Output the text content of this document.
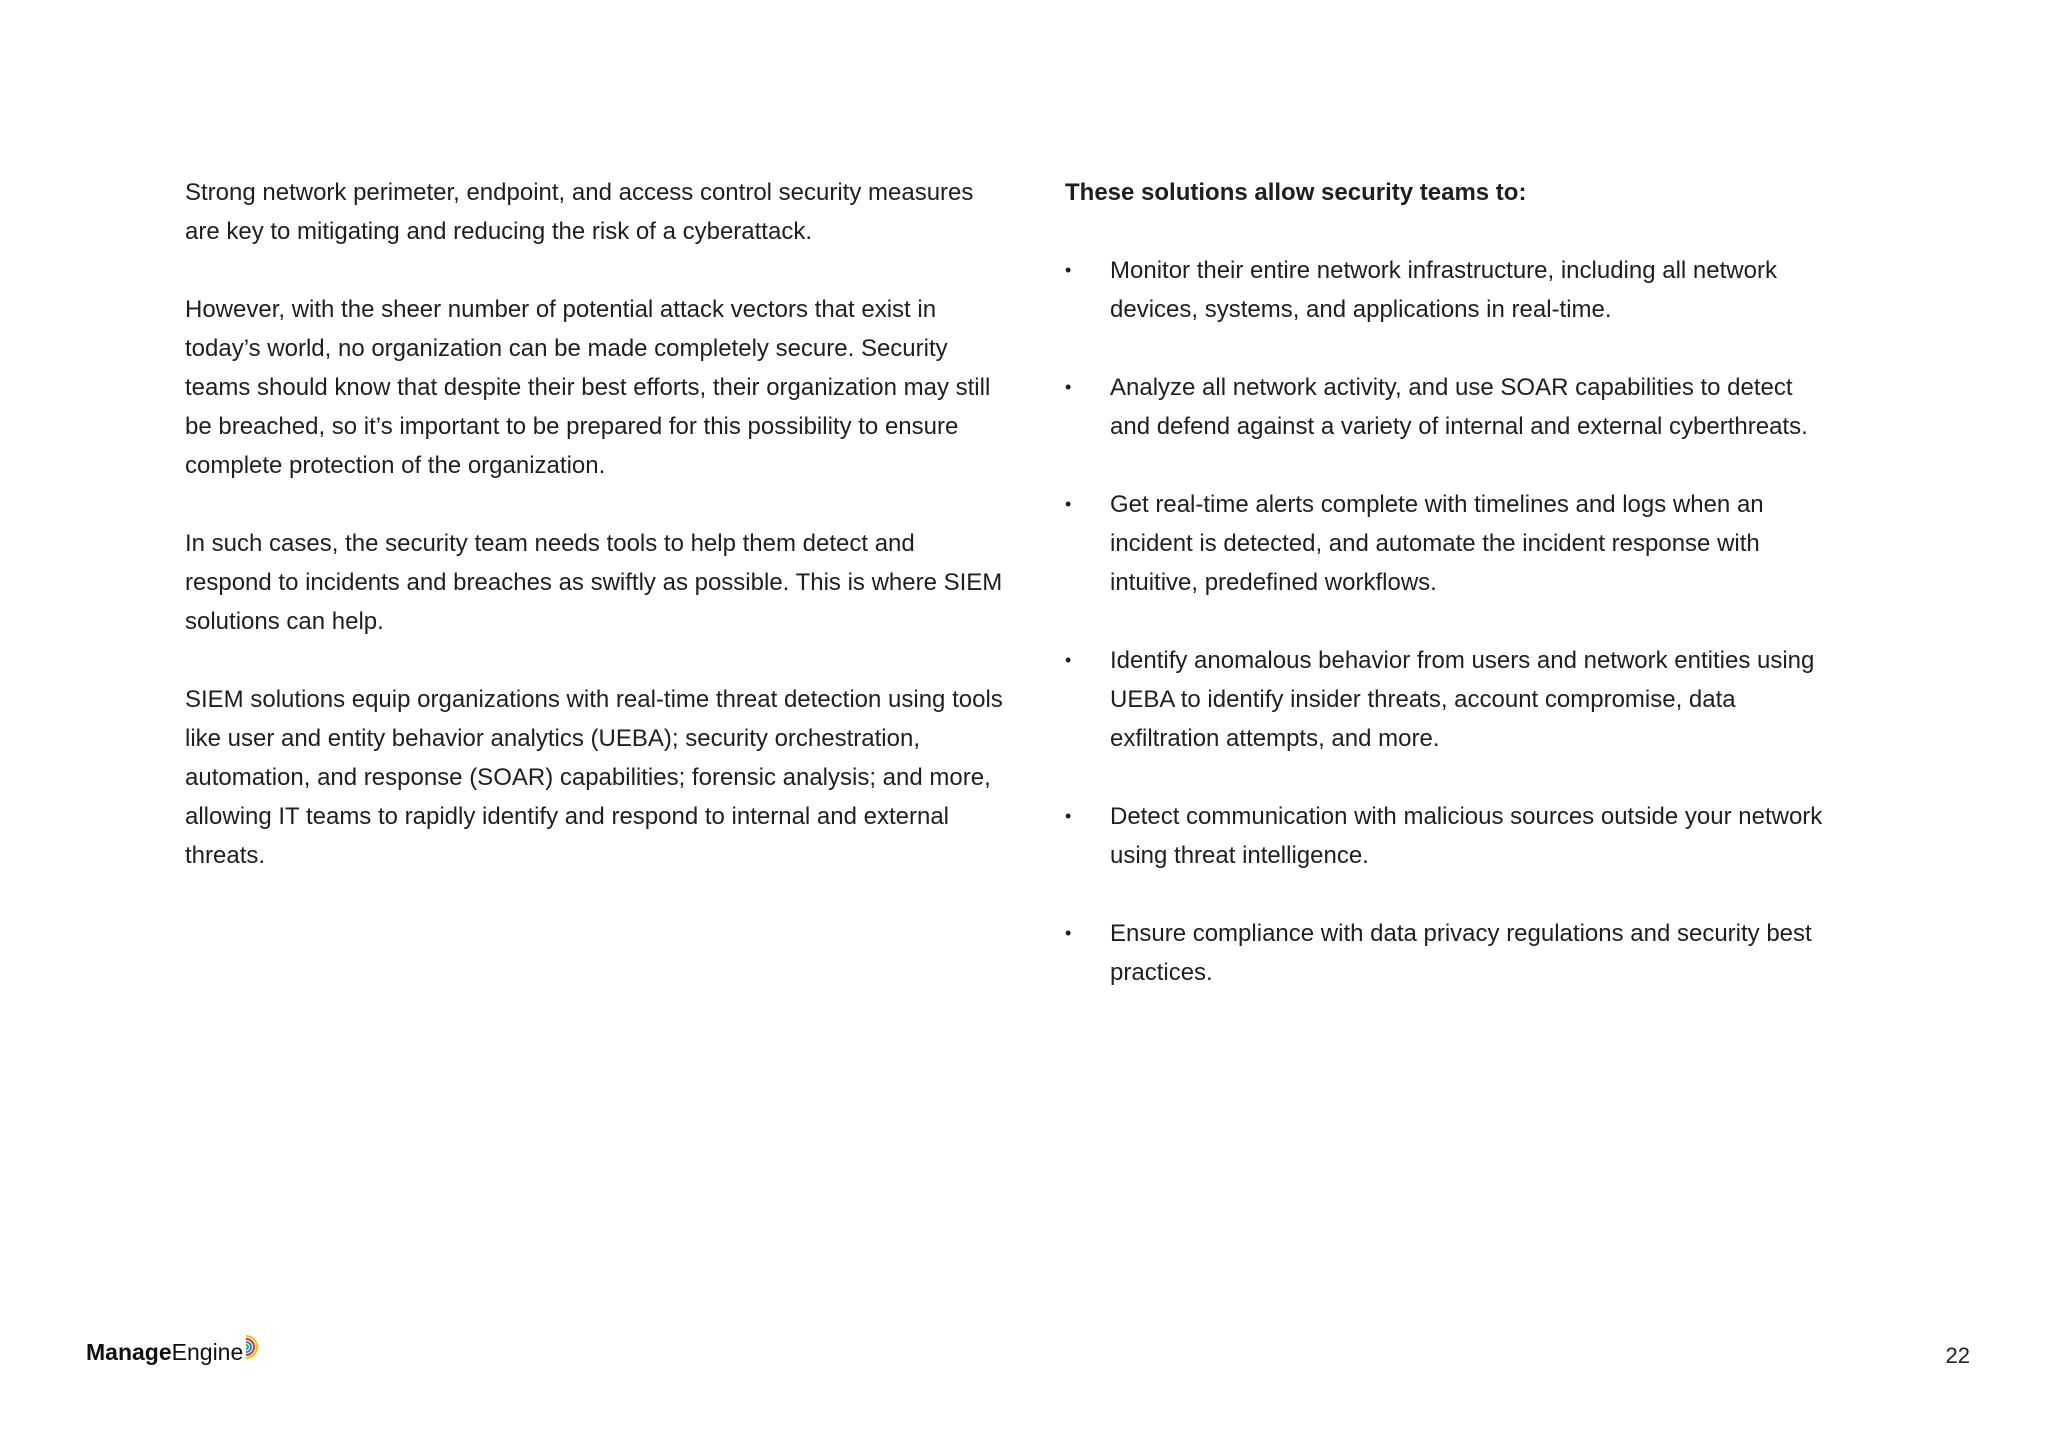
Strong network perimeter, endpoint, and access control security measures are key to mitigating and reducing the risk of a cyberattack.

However, with the sheer number of potential attack vectors that exist in today’s world, no organization can be made completely secure. Security teams should know that despite their best efforts, their organization may still be breached, so it’s important to be prepared for this possibility to ensure complete protection of the organization.

In such cases, the security team needs tools to help them detect and respond to incidents and breaches as swiftly as possible. This is where SIEM solutions can help.

SIEM solutions equip organizations with real-time threat detection using tools like user and entity behavior analytics (UEBA); security orchestration, automation, and response (SOAR) capabilities; forensic analysis; and more, allowing IT teams to rapidly identify and respond to internal and external threats.

These solutions allow security teams to:
• Monitor their entire network infrastructure, including all network devices, systems, and applications in real-time.
• Analyze all network activity, and use SOAR capabilities to detect and defend against a variety of internal and external cyberthreats.
• Get real-time alerts complete with timelines and logs when an incident is detected, and automate the incident response with intuitive, predefined workflows.
• Identify anomalous behavior from users and network entities using UEBA to identify insider threats, account compromise, data exfiltration attempts, and more.
• Detect communication with malicious sources outside your network using threat intelligence.
• Ensure compliance with data privacy regulations and security best practices.
Manage Engine	22
